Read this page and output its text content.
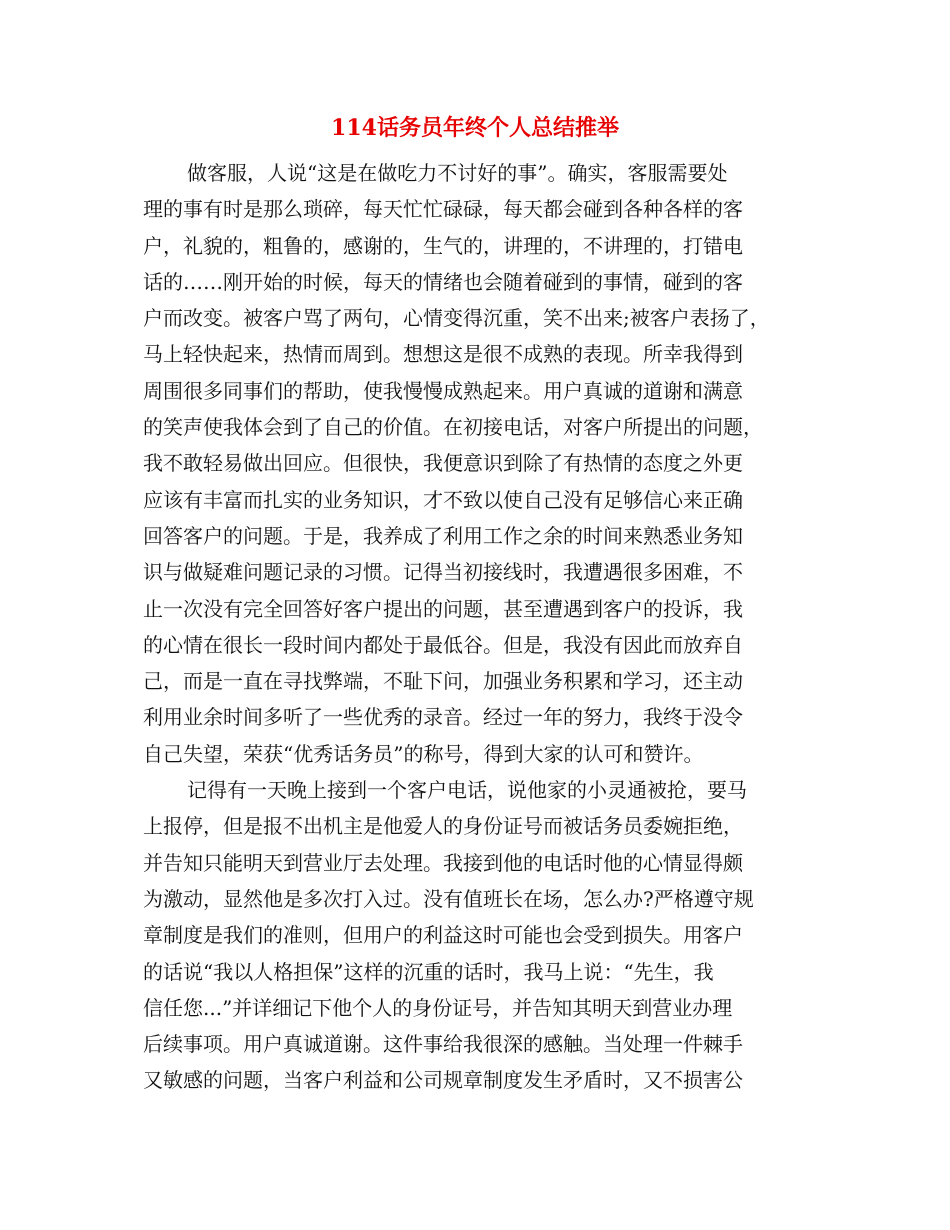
114话务员年终个人总结推举
做客服，人说“这是在做吃力不讨好的事”。确实，客服需要处
理的事有时是那么琐碎，每天忙忙碌碌，每天都会碰到各种各样的客
户，礼貌的，粗鲁的，感谢的，生气的，讲理的，不讲理的，打错电
话的……刚开始的时候，每天的情绪也会随着碰到的事情，碰到的客
户而改变。被客户骂了两句，心情变得沉重，笑不出来;被客户表扬了，
马上轻快起来，热情而周到。想想这是很不成熟的表现。所幸我得到
周围很多同事们的帮助，使我慢慢成熟起来。用户真诚的道谢和满意
的笑声使我体会到了自己的价值。在初接电话，对客户所提出的问题，
我不敢轻易做出回应。但很快，我便意识到除了有热情的态度之外更
应该有丰富而扎实的业务知识，才不致以使自己没有足够信心来正确
回答客户的问题。于是，我养成了利用工作之余的时间来熟悉业务知
识与做疑难问题记录的习惯。记得当初接线时，我遭遇很多困难，不
止一次没有完全回答好客户提出的问题，甚至遭遇到客户的投诉，我
的心情在很长一段时间内都处于最低谷。但是，我没有因此而放弃自
己，而是一直在寻找弊端，不耻下问，加强业务积累和学习，还主动
利用业余时间多听了一些优秀的录音。经过一年的努力，我终于没令
自己失望，荣获“优秀话务员”的称号，得到大家的认可和赞许。
记得有一天晚上接到一个客户电话，说他家的小灵通被抢，要马
上报停，但是报不出机主是他爱人的身份证号而被话务员委婉拒绝，
并告知只能明天到营业厅去处理。我接到他的电话时他的心情显得颇
为激动，显然他是多次打入过。没有值班长在场，怎么办?严格遵守规
章制度是我们的准则，但用户的利益这时可能也会受到损失。用客户
的话说“我以人格担保”这样的沉重的话时，我马上说：“先生，我
信任您...”并详细记下他个人的身份证号，并告知其明天到营业办理
后续事项。用户真诚道谢。这件事给我很深的感触。当处理一件棘手
又敏感的问题，当客户利益和公司规章制度发生矛盾时，又不损害公
